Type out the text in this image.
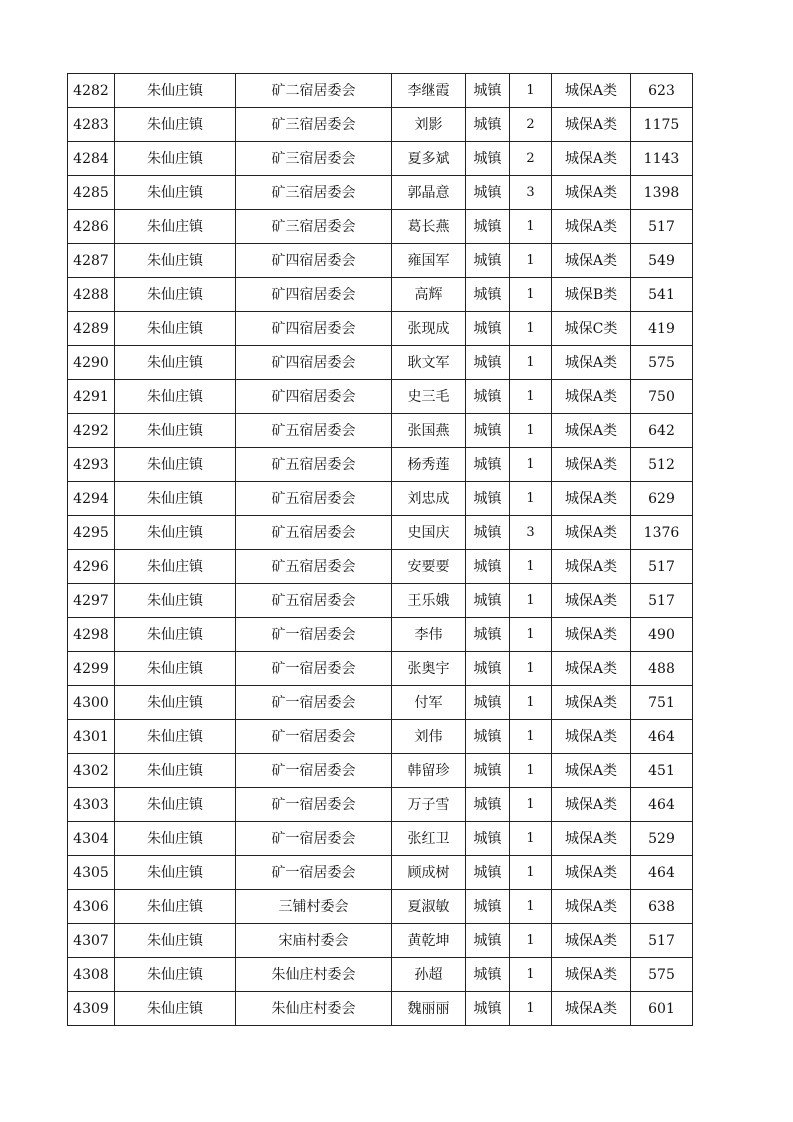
4282	朱仙庄镇	矿二宿居委会	李继霞	城镇	1	城保A类	623
4283	朱仙庄镇	矿三宿居委会	刘影	城镇	2	城保A类	1175
4284	朱仙庄镇	矿三宿居委会	夏多斌	城镇	2	城保A类	1143
4285	朱仙庄镇	矿三宿居委会	郭晶意	城镇	3	城保A类	1398
4286	朱仙庄镇	矿三宿居委会	葛长燕	城镇	1	城保A类	517
4287	朱仙庄镇	矿四宿居委会	雍国军	城镇	1	城保A类	549
4288	朱仙庄镇	矿四宿居委会	高辉	城镇	1	城保B类	541
4289	朱仙庄镇	矿四宿居委会	张现成	城镇	1	城保C类	419
4290	朱仙庄镇	矿四宿居委会	耿文军	城镇	1	城保A类	575
4291	朱仙庄镇	矿四宿居委会	史三毛	城镇	1	城保A类	750
4292	朱仙庄镇	矿五宿居委会	张国燕	城镇	1	城保A类	642
4293	朱仙庄镇	矿五宿居委会	杨秀莲	城镇	1	城保A类	512
4294	朱仙庄镇	矿五宿居委会	刘忠成	城镇	1	城保A类	629
4295	朱仙庄镇	矿五宿居委会	史国庆	城镇	3	城保A类	1376
4296	朱仙庄镇	矿五宿居委会	安要要	城镇	1	城保A类	517
4297	朱仙庄镇	矿五宿居委会	王乐娥	城镇	1	城保A类	517
4298	朱仙庄镇	矿一宿居委会	李伟	城镇	1	城保A类	490
4299	朱仙庄镇	矿一宿居委会	张奥宇	城镇	1	城保A类	488
4300	朱仙庄镇	矿一宿居委会	付军	城镇	1	城保A类	751
4301	朱仙庄镇	矿一宿居委会	刘伟	城镇	1	城保A类	464
4302	朱仙庄镇	矿一宿居委会	韩留珍	城镇	1	城保A类	451
4303	朱仙庄镇	矿一宿居委会	万子雪	城镇	1	城保A类	464
4304	朱仙庄镇	矿一宿居委会	张红卫	城镇	1	城保A类	529
4305	朱仙庄镇	矿一宿居委会	顾成树	城镇	1	城保A类	464
4306	朱仙庄镇	三铺村委会	夏淑敏	城镇	1	城保A类	638
4307	朱仙庄镇	宋庙村委会	黄乾坤	城镇	1	城保A类	517
4308	朱仙庄镇	朱仙庄村委会	孙超	城镇	1	城保A类	575
4309	朱仙庄镇	朱仙庄村委会	魏丽丽	城镇	1	城保A类	601
